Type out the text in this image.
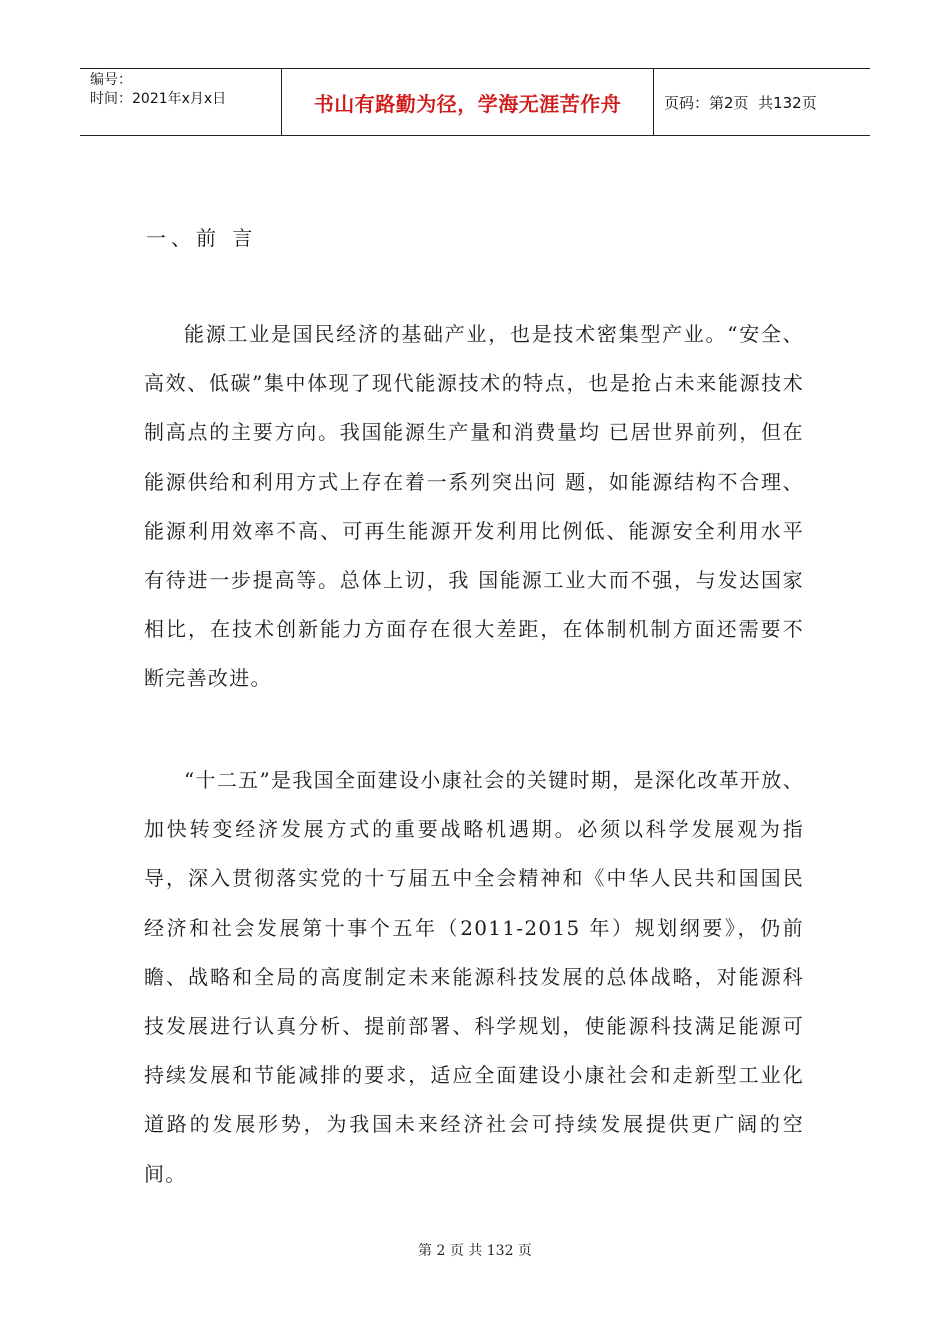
编号：
时间：2021年x月x日	书山有路勤为径，学海无涯苦作舟	页码：第2页  共132页
一、前 言
能源工业是国民经济的基础产业，也是技术密集型产业。“安全、高效、低碳”集中体现了现代能源技术的特点，也是抢占未来能源技术制高点的主要方向。我国能源生产量和消费量均 已居世界前列，但在能源供给和利用方式上存在着一系列突出问 题，如能源结构不合理、能源利用效率不高、可再生能源开发利用比例低、能源安全利用水平有待进一步提高等。总体上讱，我 国能源工业大而不强，与发达国家相比，在技术创新能力方面存在很大差距，在体制机制方面还需要不断完善改进。
“十二五”是我国全面建设小康社会的关键时期，是深化改革开放、加快转变经济发展方式的重要战略机遇期。必须以科学发展观为指导，深入贯彻落实党的十丂届五中全会精神和《中华人民共和国国民经济和社会发展第十事个五年（2011-2015 年）规划纲要》，仍前瞻、战略和全局的高度制定未来能源科技发展的总体战略，对能源科技发展进行认真分析、提前部署、科学规划，使能源科技满足能源可持续发展和节能减排的要求，适应全面建设小康社会和走新型工业化道路的发展形势，为我国未来经济社会可持续发展提供更广阔的空间。
第 2 页 共 132 页
